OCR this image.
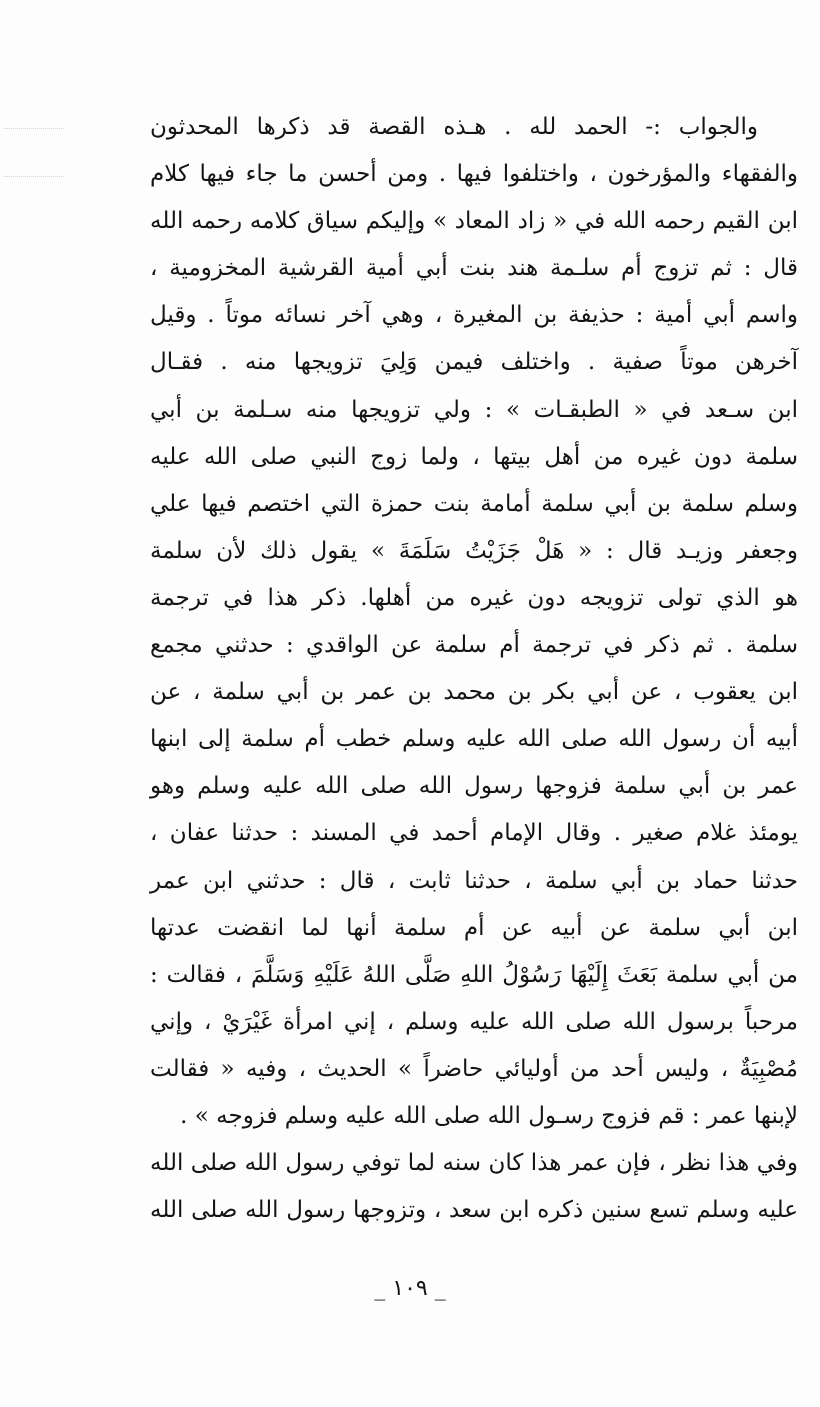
والجواب :- الحمد لله . هـذه القصة قد ذكرها المحدثون
والفقهاء والمؤرخون ، واختلفوا فيها . ومن أحسن ما جاء فيها كلام
ابن القيم رحمه الله في « زاد المعاد » وإليكم سياق كلامه رحمه الله
قال : ثم تزوج أم سلـمة هند بنت أبي أمية القرشية المخزومية ،
واسم أبي أمية : حذيفة بن المغيرة ، وهي آخر نسائه موتاً . وقيل
آخرهن موتاً صفية . واختلف فيمن وَلِيَ تزويجها منه . فقـال
ابن سـعد في « الطبقـات » : ولي تزويجها منه سـلمة بن أبي
سلمة دون غيره من أهل بيتها ، ولما زوج النبي صلى الله عليه
وسلم سلمة بن أبي سلمة أمامة بنت حمزة التي اختصم فيها علي
وجعفر وزيـد قال : « هَلْ جَزَيْتُ سَلَمَةَ » يقول ذلك لأن سلمة
هو الذي تولى تزويجه دون غيره من أهلها. ذكر هذا في ترجمة
سلمة . ثم ذكر في ترجمة أم سلمة عن الواقدي : حدثني مجمع
ابن يعقوب ، عن أبي بكر بن محمد بن عمر بن أبي سلمة ، عن
أبيه أن رسول الله صلى الله عليه وسلم خطب أم سلمة إلى ابنها
عمر بن أبي سلمة فزوجها رسول الله صلى الله عليه وسلم وهو
يومئذ غلام صغير . وقال الإمام أحمد في المسند : حدثنا عفان ،
حدثنا حماد بن أبي سلمة ، حدثنا ثابت ، قال : حدثني ابن عمر
ابن أبي سلمة عن أبيه عن أم سلمة أنها لما انقضت عدتها
من أبي سلمة بَعَثَ إِلَيْهَا رَسُوْلُ اللهِ صَلَّى اللهُ عَلَيْهِ وَسَلَّمَ ، فقالت :
مرحباً برسول الله صلى الله عليه وسلم ، إني امرأة غَيْرَيْ ، وإني
مُصْبِيَةٌ ، وليس أحد من أوليائي حاضراً » الحديث ، وفيه « فقالت
لإبنها عمر : قم فزوج رسـول الله صلى الله عليه وسلم فزوجه » .
وفي هذا نظر ، فإن عمر هذا كان سنه لما توفي رسول الله صلى الله
عليه وسلم تسع سنين ذكره ابن سعد ، وتزوجها رسول الله صلى الله
_ ١٠٩ _
